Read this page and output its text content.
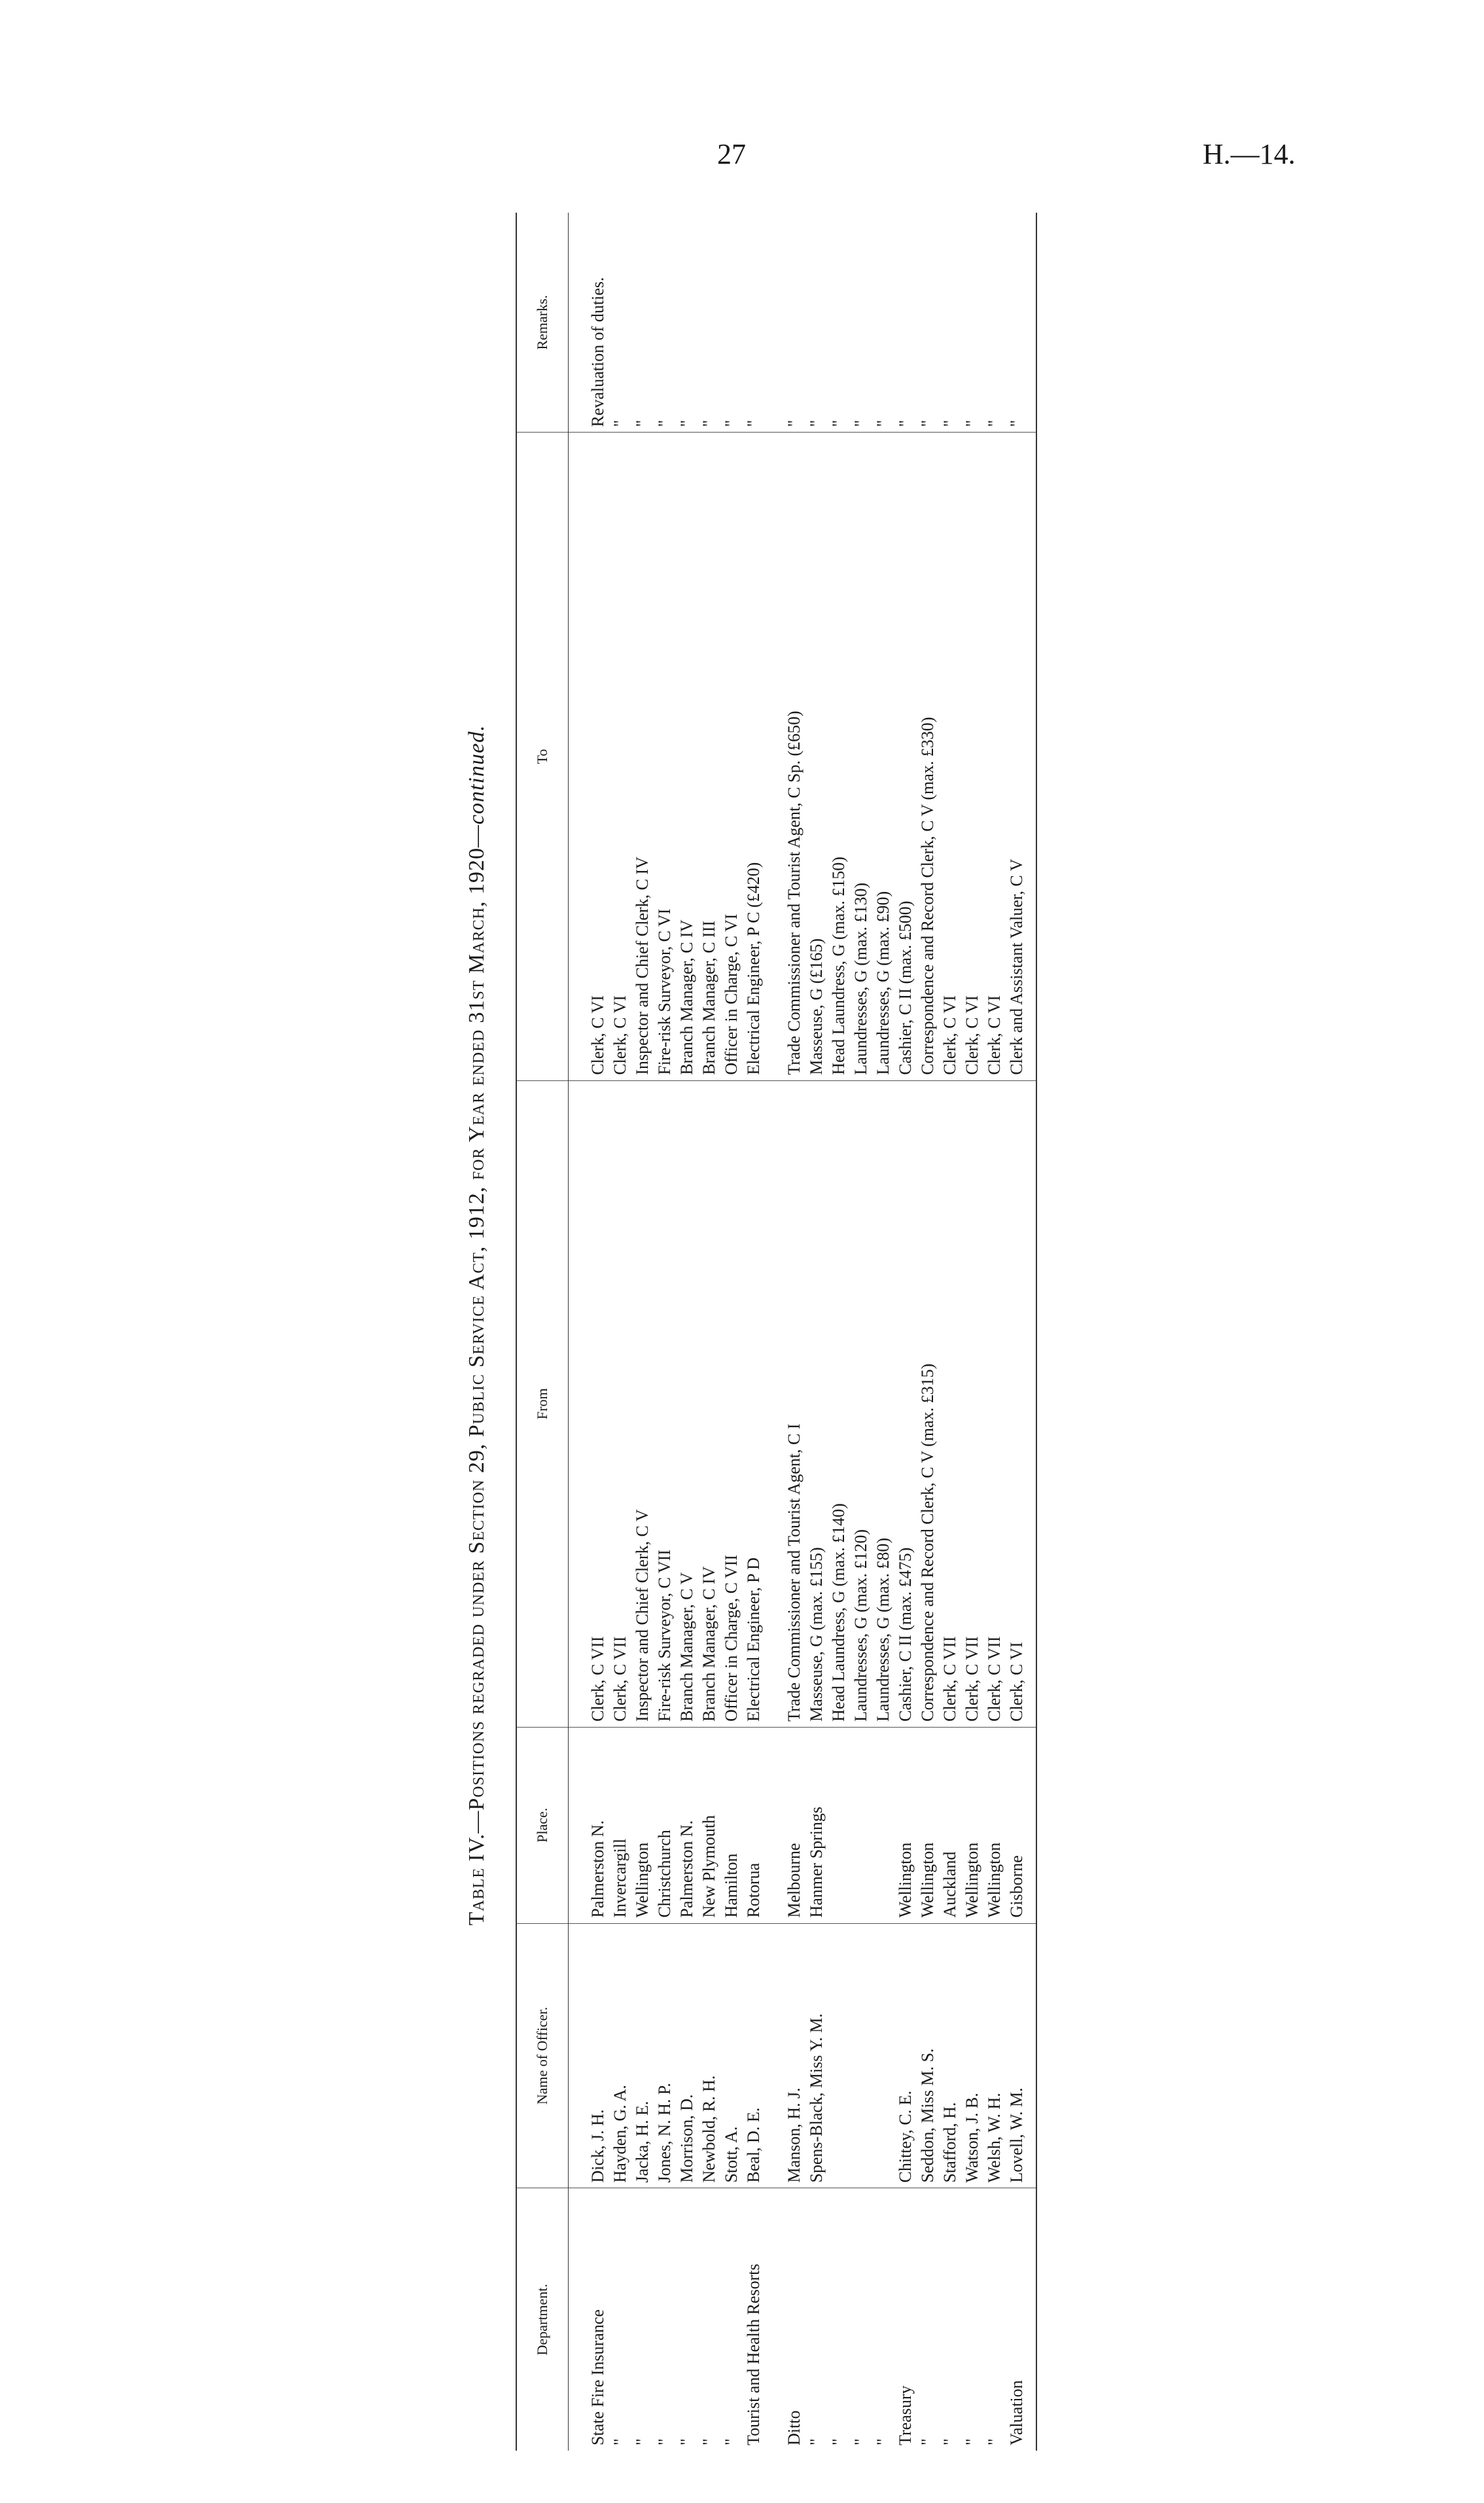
27	H.—14.
Table IV.—Positions regraded under Section 29, Public Service Act, 1912, for Year ended 31st March, 1920—continued.
Department.	Name of Officer.	Place.	From	To	Remarks.

State Fire Insurance	Dick, J. H.	Palmerston N.	Clerk, C VII	Clerk, C VI	Revaluation of duties.
"	Hayden, G. A.	Invercargill	Clerk, C VII	Clerk, C VI	"
"	Jacka, H. E.	Wellington	Inspector and Chief Clerk, C V	Inspector and Chief Clerk, C IV	"
"	Jones, N. H. P.	Christchurch	Fire-risk Surveyor, C VII	Fire-risk Surveyor, C VI	"
"	Morrison, D.	Palmerston N.	Branch Manager, C V	Branch Manager, C IV	"
"	Newbold, R. H.	New Plymouth	Branch Manager, C IV	Branch Manager, C III	"
"	Stott, A.	Hamilton	Officer in Charge, C VII	Officer in Charge, C VI	"
Tourist and Health Resorts	Beal, D. E.	Rotorua	Electrical Engineer, P D	Electrical Engineer, P C (£420)	"

Ditto	Manson, H. J.	Melbourne	Trade Commissioner and Tourist Agent, C I	Trade Commissioner and Tourist Agent, C Sp. (£650)	"
"	Spens-Black, Miss Y. M.	Hanmer Springs	Masseuse, G (max. £155)	Masseuse, G (£165)	"
"			Head Laundress, G (max. £140)	Head Laundress, G (max. £150)	"
"			Laundresses, G (max. £120)	Laundresses, G (max. £130)	"
"			Laundresses, G (max. £80)	Laundresses, G (max. £90)	"
Treasury	Chittey, C. E.	Wellington	Cashier, C II (max. £475)	Cashier, C II (max. £500)	"
"	Seddon, Miss M. S.	Wellington	Correspondence and Record Clerk, C V (max. £315)	Correspondence and Record Clerk, C V (max. £330)	"
"	Stafford, H.	Auckland	Clerk, C VII	Clerk, C VI	"
"	Watson, J. B.	Wellington	Clerk, C VII	Clerk, C VI	"
"	Welsh, W. H.	Wellington	Clerk, C VII	Clerk, C VI	"
Valuation	Lovell, W. M.	Gisborne	Clerk, C VI	Clerk and Assistant Valuer, C V	"
